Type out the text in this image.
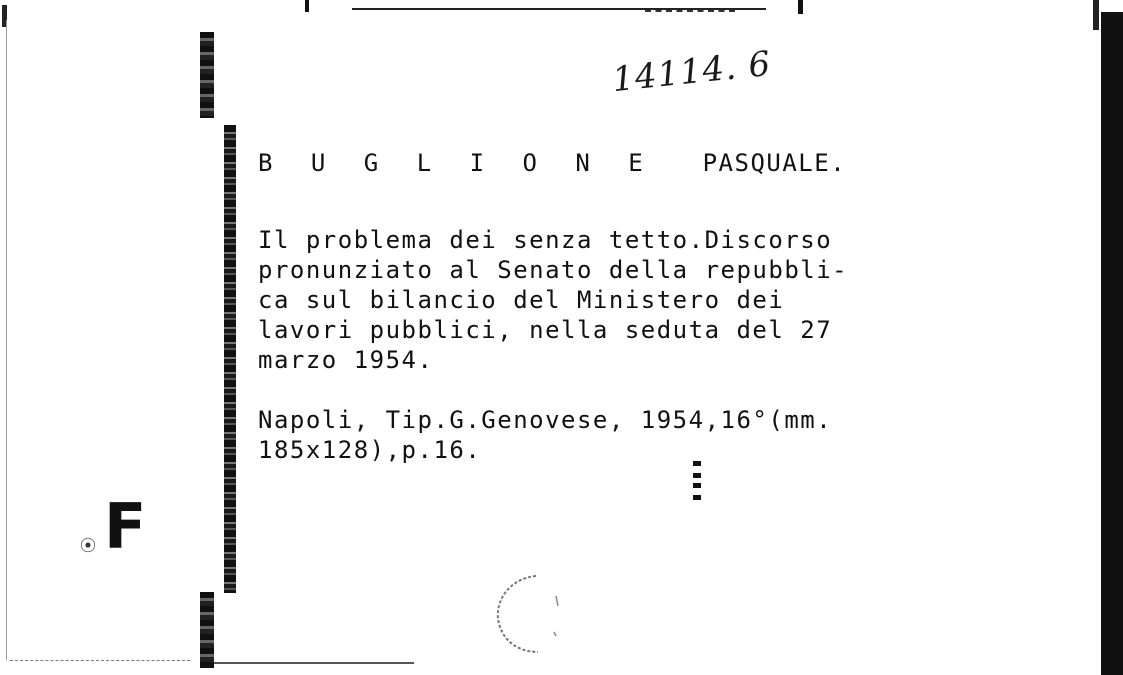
14114. 6
B U G L I O N E PASQUALE.
Il problema dei senza tetto.Discorso
pronunziato al Senato della repubbli-
ca sul bilancio del Ministero dei
lavori pubblici, nella seduta del 27
marzo 1954.
Napoli, Tip.G.Genovese, 1954,16°(mm.
185x128),p.16.
F
⦿
